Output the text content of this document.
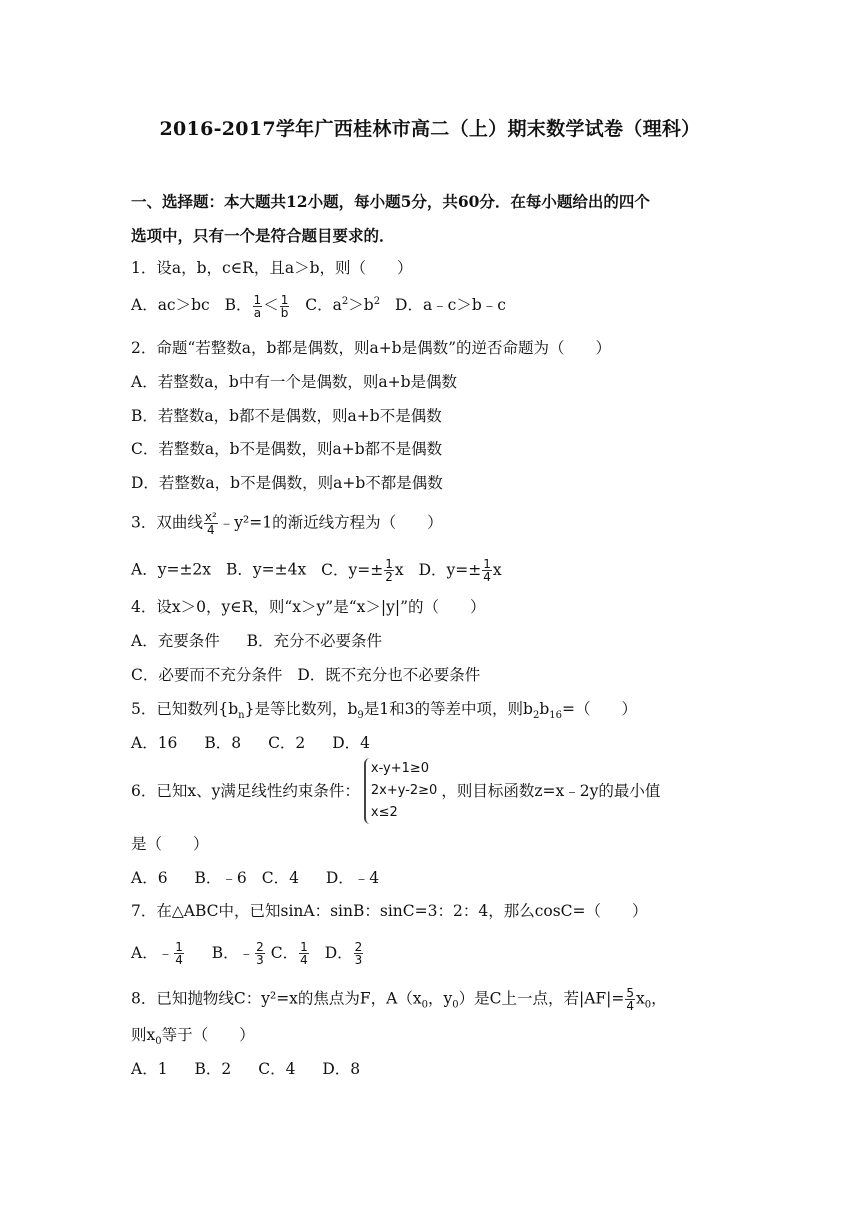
2016-2017学年广西桂林市高二（上）期末数学试卷（理科）
一、选择题：本大题共12小题，每小题5分，共60分．在每小题给出的四个
选项中，只有一个是符合题目要求的．
1．设a，b，c∈R，且a＞b，则（　　）
A．ac＞bc B． $\frac{1}{a} < \frac{1}{b}$ C．$a^2>b^2$ D．a﹣c＞b﹣c
2．命题“若整数a，b都是偶数，则a+b是偶数”的逆否命题为（　　）
A．若整数a，b中有一个是偶数，则a+b是偶数
B．若整数a，b都不是偶数，则a+b不是偶数
C．若整数a，b不是偶数，则a+b都不是偶数
D．若整数a，b不是偶数，则a+b不都是偶数
3．双曲线 $\frac{\text{x²}}{4}$ ﹣y²=1的渐近线方程为（　　）
A．y=±2x B．y=±4x C．$y=\pm \frac{1}{2}$ x D．$y=\pm \frac{1}{4}$ x
4．设x＞0，y∈R，则“x＞y”是“x＞|y|”的（　　）
A．充要条件 B．充分不必要条件
C．必要而不充分条件 D．既不充分也不必要条件
5．已知数列$\{b_n\}$是等比数列，$b_9$是1和3的等差中项，则$b_2b_{16}=$（　　）
A．16 B．8 C．2 D．4
6．已知x、y满足线性约束条件：
x-y+1≥0
2x+y-2≥0
x≤2
，则目标函数z=x﹣2y的最小值
是（　　）
A．6 B．﹣6 C．4 D．﹣4
7．在△ABC中，已知sinA：sinB：sinC=3：2：4，那么cosC=（　　）
A．﹣ $\frac{1}{4}$ B．﹣ $\frac{2}{3}$ C． $\frac{1}{4}$ D． $\frac{2}{3}$
8．已知抛物线C：y²=x的焦点为F，$A(x_0$，$y_0$）是C上一点，若$|AF|= \frac{5}{4} x_0$，
则$x_0$等于（　　）
A．1 B．2 C．4 D．8
